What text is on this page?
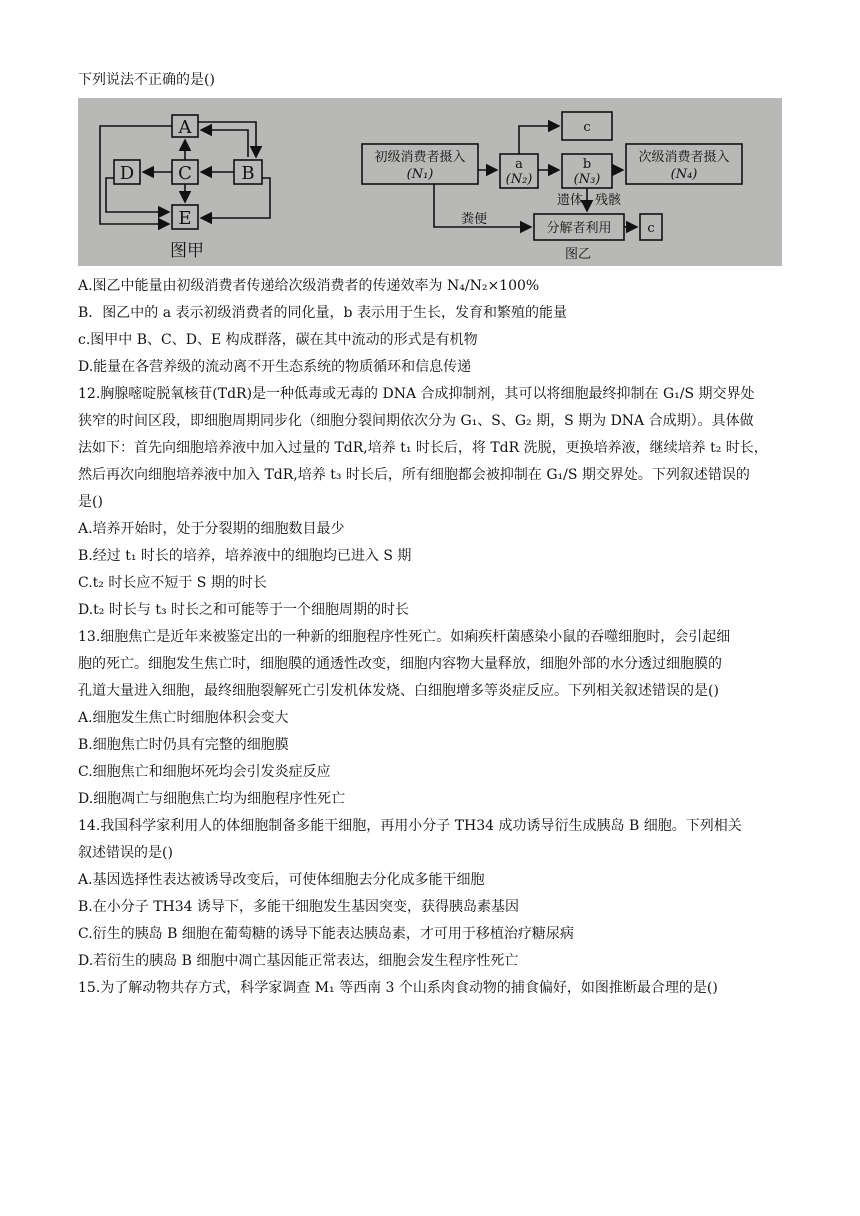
下列说法不正确的是()
A
C
D	B
E
图甲
初级消费者摄入
(N₁)
a
(N₂)
c
b
(N₃)
次级消费者摄入
(N₄)
遗体 残骸
粪便
分解者利用	c
图乙
A.图乙中能量由初级消费者传递给次级消费者的传递效率为 N₄/N₂×100%
B．图乙中的 a 表示初级消费者的同化量，b 表示用于生长，发育和繁殖的能量
c.图甲中 B、C、D、E 构成群落，碳在其中流动的形式是有机物
D.能量在各营养级的流动离不开生态系统的物质循环和信息传递
12.胸腺嘧啶脱氧核苷(TdR)是一种低毒或无毒的 DNA 合成抑制剂，其可以将细胞最终抑制在 G₁/S 期交界处
狭窄的时间区段，即细胞周期同步化（细胞分裂间期依次分为 G₁、S、G₂ 期，S 期为 DNA 合成期）。具体做
法如下：首先向细胞培养液中加入过量的 TdR,培养 t₁ 时长后，将 TdR 洗脱，更换培养液，继续培养 t₂ 时长，
然后再次向细胞培养液中加入 TdR,培养 t₃ 时长后，所有细胞都会被抑制在 G₁/S 期交界处。下列叙述错误的
是()
A.培养开始时，处于分裂期的细胞数目最少
B.经过 t₁ 时长的培养，培养液中的细胞均已进入 S 期
C.t₂ 时长应不短于 S 期的时长
D.t₂ 时长与 t₃ 时长之和可能等于一个细胞周期的时长
13.细胞焦亡是近年来被鉴定出的一种新的细胞程序性死亡。如痢疾杆菌感染小鼠的吞噬细胞时，会引起细
胞的死亡。细胞发生焦亡时，细胞膜的通透性改变，细胞内容物大量释放，细胞外部的水分透过细胞膜的
孔道大量进入细胞，最终细胞裂解死亡引发机体发烧、白细胞增多等炎症反应。下列相关叙述错误的是()
A.细胞发生焦亡时细胞体积会变大
B.细胞焦亡时仍具有完整的细胞膜
C.细胞焦亡和细胞坏死均会引发炎症反应
D.细胞凋亡与细胞焦亡均为细胞程序性死亡
14.我国科学家利用人的体细胞制备多能干细胞，再用小分子 TH34 成功诱导衍生成胰岛 B 细胞。下列相关
叙述错误的是()
A.基因选择性表达被诱导改变后，可使体细胞去分化成多能干细胞
B.在小分子 TH34 诱导下，多能干细胞发生基因突变，获得胰岛素基因
C.衍生的胰岛 B 细胞在葡萄糖的诱导下能表达胰岛素，才可用于移植治疗糖尿病
D.若衍生的胰岛 B 细胞中凋亡基因能正常表达，细胞会发生程序性死亡
15.为了解动物共存方式，科学家调查 M₁ 等西南 3 个山系肉食动物的捕食偏好，如图推断最合理的是()
